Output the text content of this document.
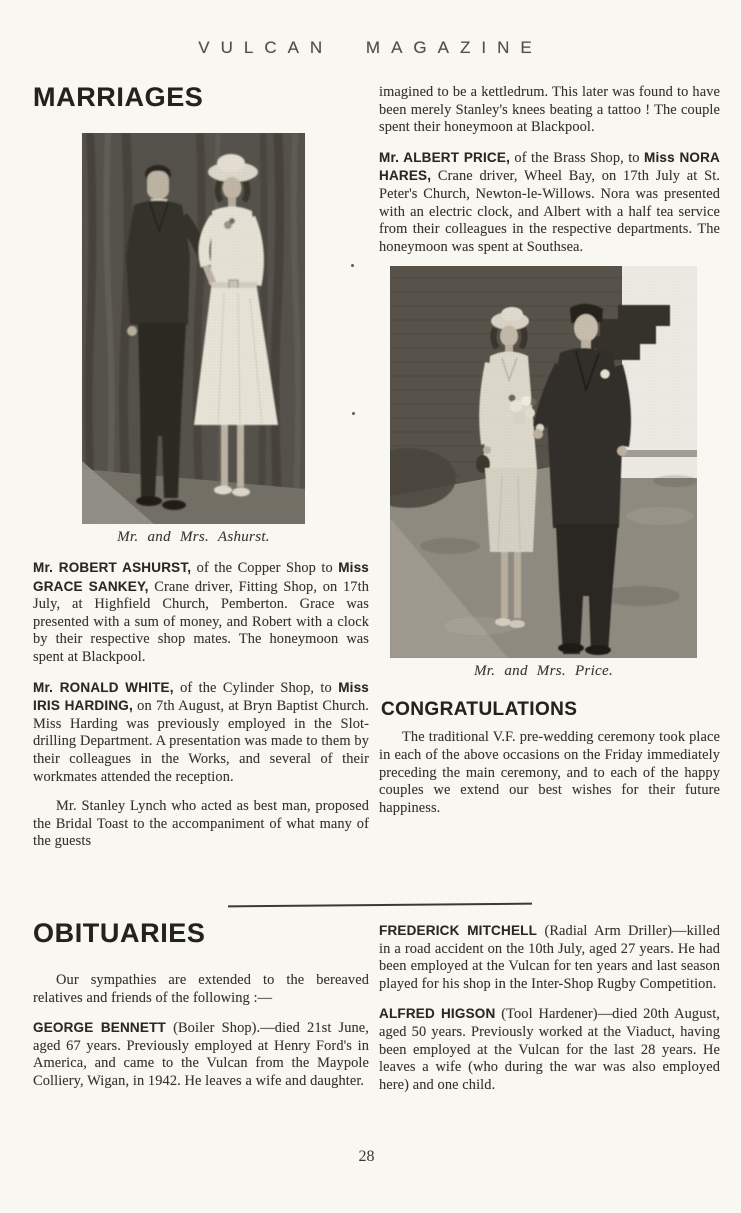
VULCAN MAGAZINE
MARRIAGES
Mr. and Mrs. Ashurst.

Mr. ROBERT ASHURST, of the Copper Shop to Miss GRACE SANKEY, Crane driver, Fitting Shop, on 17th July, at Highfield Church, Pemberton. Grace was presented with a sum of money, and Robert with a clock by their respective shop mates. The honeymoon was spent at Blackpool.

Mr. RONALD WHITE, of the Cylinder Shop, to Miss IRIS HARDING, on 7th August, at Bryn Baptist Church. Miss Harding was previously employed in the Slot-drilling Department. A presentation was made to them by their colleagues in the Works, and several of their workmates attended the reception.

Mr. Stanley Lynch who acted as best man, proposed the Bridal Toast to the accompaniment of what many of the guests

imagined to be a kettledrum. This later was found to have been merely Stanley's knees beating a tattoo ! The couple spent their honeymoon at Blackpool.

Mr. ALBERT PRICE, of the Brass Shop, to Miss NORA HARES, Crane driver, Wheel Bay, on 17th July at St. Peter's Church, Newton-le-Willows. Nora was presented with an electric clock, and Albert with a half tea service from their colleagues in the respective departments. The honeymoon was spent at Southsea.

Mr. and Mrs. Price.
CONGRATULATIONS

The traditional V.F. pre-wedding ceremony took place in each of the above occasions on the Friday immediately preceding the main ceremony, and to each of the happy couples we extend our best wishes for their future happiness.

OBITUARIES

Our sympathies are extended to the bereaved relatives and friends of the following :—

GEORGE BENNETT (Boiler Shop).—died 21st June, aged 67 years. Previously employed at Henry Ford's in America, and came to the Vulcan from the Maypole Colliery, Wigan, in 1942. He leaves a wife and daughter.

FREDERICK MITCHELL (Radial Arm Driller)—killed in a road accident on the 10th July, aged 27 years. He had been employed at the Vulcan for ten years and last season played for his shop in the Inter-Shop Rugby Competition.

ALFRED HIGSON (Tool Hardener)—died 20th August, aged 50 years. Previously worked at the Viaduct, having been employed at the Vulcan for the last 28 years. He leaves a wife (who during the war was also employed here) and one child.

28
